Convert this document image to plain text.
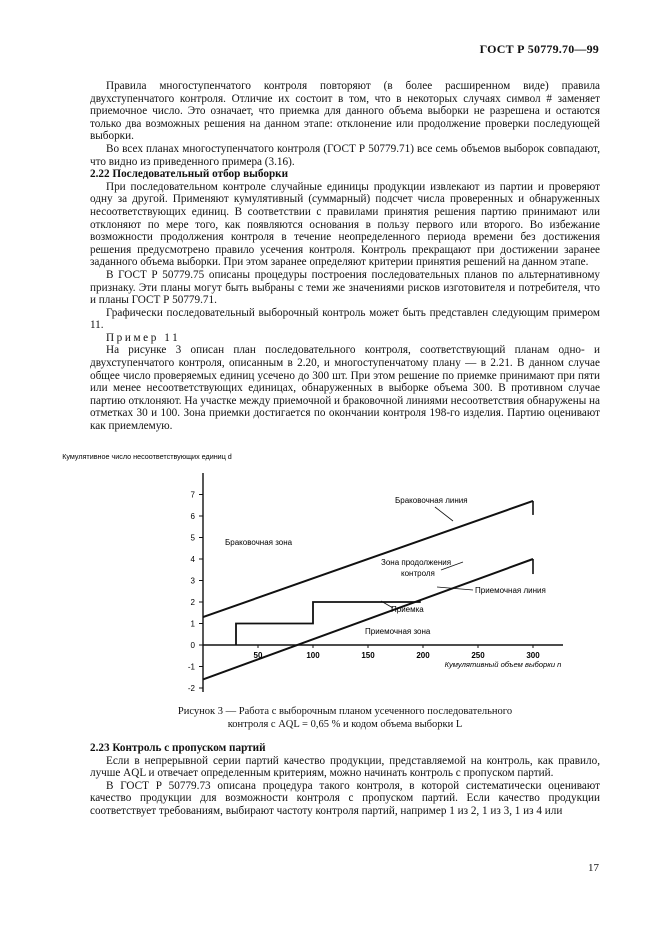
ГОСТ Р 50779.70—99

Правила многоступенчатого контроля повторяют (в более расширенном виде) правила двухступенчатого контроля. Отличие их состоит в том, что в некоторых случаях символ # заменяет приемочное число. Это означает, что приемка для данного объема выборки не разрешена и остаются только два возможных решения на данном этапе: отклонение или продолжение проверки последующей выборки.

Во всех планах многоступенчатого контроля (ГОСТ Р 50779.71) все семь объемов выборок совпадают, что видно из приведенного примера (3.16).

2.22 Последовательный отбор выборки

При последовательном контроле случайные единицы продукции извлекают из партии и проверяют одну за другой. Применяют кумулятивный (суммарный) подсчет числа проверенных и обнаруженных несоответствующих единиц. В соответствии с правилами принятия решения партию принимают или отклоняют по мере того, как появляются основания в пользу первого или второго. Во избежание возможности продолжения контроля в течение неопределенного периода времени без достижения решения предусмотрено правило усечения контроля. Контроль прекращают при достижении заранее заданного объема выборки. При этом заранее определяют критерии принятия решений на данном этапе.

В ГОСТ Р 50779.75 описаны процедуры построения последовательных планов по альтернативному признаку. Эти планы могут быть выбраны с теми же значениями рисков изготовителя и потребителя, что и планы ГОСТ Р 50779.71.

Графически последовательный выборочный контроль может быть представлен следующим примером 11.

Пример 11

На рисунке 3 описан план последовательного контроля, соответствующий планам одно- и двухступенчатого контроля, описанным в 2.20, и многоступенчатому плану — в 2.21. В данном случае общее число проверяемых единиц усечено до 300 шт. При этом решение по приемке принимают при пяти или менее несоответствующих единицах, обнаруженных в выборке объема 300. В противном случае партию отклоняют. На участке между приемочной и браковочной линиями несоответствия обнаружены на отметках 30 и 100. Зона приемки достигается по окончании контроля 198-го изделия. Партию оценивают как приемлемую.

-2
-1
0
1
2
3
4
5
6
7
50	100	150	200	250	300
Кумулятивное число несоответствующих единиц d
Кумулятивный объем выборки n
Браковочная линия
Приемочная линия
Приемка
Браковочная зона
Зона продолжения
контроля
Приемочная зона
Рисунок 3 — Работа с выборочным планом усеченного последовательного
контроля с AQL = 0,65 % и кодом объема выборки L

2.23 Контроль с пропуском партий

Если в непрерывной серии партий качество продукции, представляемой на контроль, как правило, лучше AQL и отвечает определенным критериям, можно начинать контроль с пропуском партий.

В ГОСТ Р 50779.73 описана процедура такого контроля, в которой систематически оценивают качество продукции для возможности контроля с пропуском партий. Если качество продукции соответствует требованиям, выбирают частоту контроля партий, например 1 из 2, 1 из 3, 1 из 4 или

17
